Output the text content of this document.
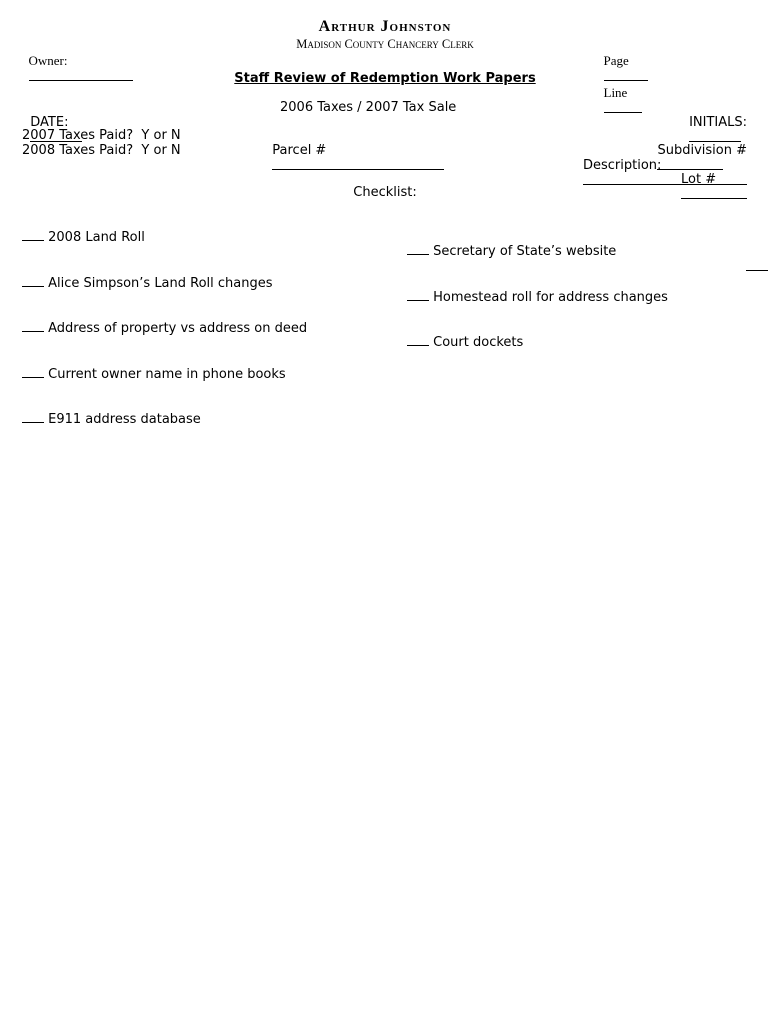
Arthur Johnston
Madison County Chancery Clerk

Owner:
	Page

Line

Staff Review of Redemption Work Papers

DATE:

2006 Taxes / 2007 Tax Sale

INITIALS:

2007 Taxes Paid?  Y or N
2008 Taxes Paid?  Y or N	Parcel #
	Subdivision #

Description:

Lot #

Checklist:

2008 Land Roll

Alice Simpson’s Land Roll changes

Address of property vs address on deed

Current owner name in phone books

E911 address database

Secretary of State’s website

Homestead roll for address changes

Court dockets
